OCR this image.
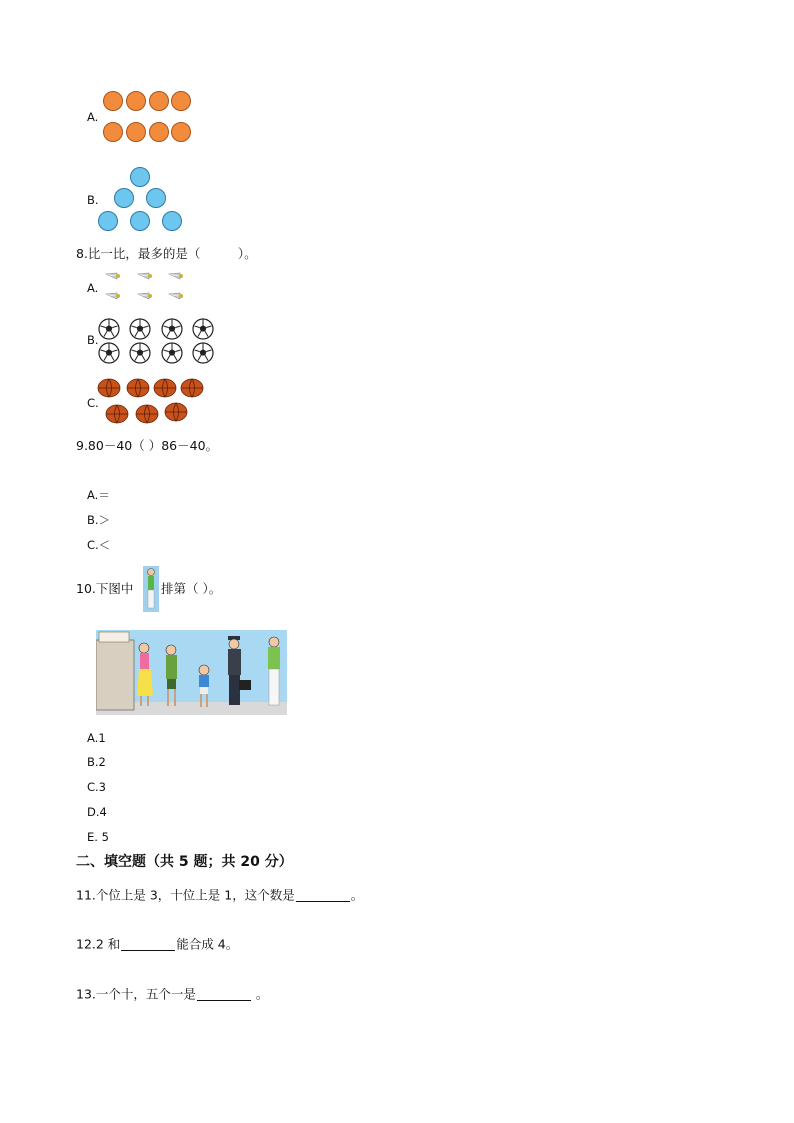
A.
B.
8.比一比，最多的是（　　　）。
A.
B.
C.
9.80－40（ ）86－40。
A.＝
B.＞
C.＜
10.下图中 排第（ ）。
A.1
B.2
C.3
D.4
E. 5
二、填空题（共 5 题；共 20 分）
11.个位上是 3，十位上是 1，这个数是	。
12.2 和	能合成 4。
13.一个十，五个一是	。
